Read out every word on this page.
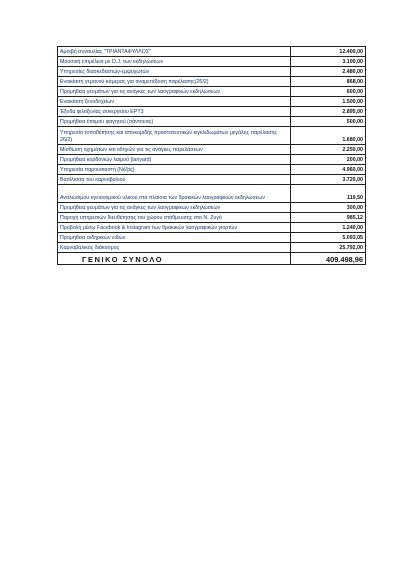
Αμοιβή συναυλίας "ΤΡΙΑΝΤΑΦΥΛΛΟΣ"	12.400,00
Μουσική επιμέλεια με D.J. των εκδηλώσεων	3.100,00
Υπηρεσίες διασκεδαστών-εμψυχωτών	2.480,00
Ενοικίαση γερανού κάμερας για αναμετάδοση παρέλασης(26/2)	868,00
Προμήθεια γευμάτων για τις ανάγκες των λαογραφικών εκδηλώσεων	600,00
Ενοικίαση ξενοδοχείων	1.500,00
Έξοδα φιλοξενίας συνεργείου ΕΡΤ3	2.895,00
Προμήθεια έτοιμου φαγητού (σάντουιτς)	500,00
Υπηρεσία τοποθέτησης και αποκομιδής προστατευτικών κιγκλιδωμάτων μεγάλης παρέλασης 26/2)	1.680,00
Μίσθωση οχημάτων και οδηγών για τις ανάγκες παρελάσεων	2.250,00
Προμήθεια κορδονιών λαιμού (lanyard)	200,00
Υπηρεσία παρουσιαστή (Νέζος)	4.960,00
Βασίλισσα του καρναβαλιού	3.720,00
Αναλώσιμου υγειονομικού υλικού στα πλαίσια των θρακικών λαογραφικών εκδηλώσεων	119,50
Προμήθεια γευμάτων για τις ανάγκες των λαογραφικών εκδηλώσεων	300,00
Παροχή υπηρεσιών διευθέτησης του χώρου στάθμευσης στο Ν. Ζυγό	985,12
Προβολή μέσω Facebook & Instagram των θρακικών λαογραφικών γιορτών	1.240,00
Προμήθεια σιδηρικών ειδών	5.093,05
Καρναβαλικός διάκοσμος	25.792,00
ΓΕΝΙΚΟ ΣΥΝΟΛΟ	409.498,96
